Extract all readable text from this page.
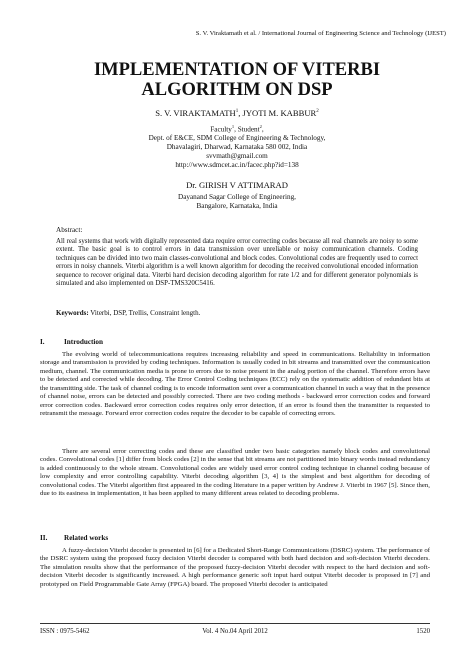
S. V. Viraktamath et al. / International Journal of Engineering Science and Technology (IJEST)
IMPLEMENTATION OF VITERBI
ALGORITHM ON DSP
S. V. VIRAKTAMATH$^1$, JYOTI M. KABBUR$^2$
Faculty$^1$, Student$^2$,
Dept. of E&CE, SDM College of Engineering & Technology,
Dhavalagiri, Dharwad, Karnataka 580 002, India
svvmath@gmail.com
http://www.sdmcet.ac.in/facec.php?id=138
Dr. GIRISH V ATTIMARAD
Dayanand Sagar College of Engineering,
Bangalore, Karnataka, India
Abstract:
All real systems that work with digitally represented data require error correcting codes because all real channels are noisy to some extent. The basic goal is to control errors in data transmission over unreliable or noisy communication channels. Coding techniques can be divided into two main classes-convolutional and block codes. Convolutional codes are frequently used to correct errors in noisy channels. Viterbi algorithm is a well known algorithm for decoding the received convolutional encoded information sequence to recover original data. Viterbi hard decision decoding algorithm for rate 1/2 and for different generator polynomials is simulated and also implemented on DSP-TMS320C5416.
Keywords: Viterbi, DSP, Trellis, Constraint length.
I.	Introduction
The evolving world of telecommunications requires increasing reliability and speed in communications. Reliability in information storage and transmission is provided by coding techniques. Information is usually coded in bit streams and transmitted over the communication medium, channel. The communication media is prone to errors due to noise present in the analog portion of the channel. Therefore errors have to be detected and corrected while decoding. The Error Control Coding techniques (ECC) rely on the systematic addition of redundant bits at the transmitting side. The task of channel coding is to encode information sent over a communication channel in such a way that in the presence of channel noise, errors can be detected and possibly corrected. There are two coding methods - backward error correction codes and forward error correction codes. Backward error correction codes requires only error detection, if an error is found then the transmitter is requested to retransmit the message. Forward error correction codes require the decoder to be capable of correcting errors.
There are several error correcting codes and these are classified under two basic categories namely block codes and convolutional codes. Convolutional codes [1] differ from block codes [2] in the sense that bit streams are not partitioned into binary words instead redundancy is added continuously to the whole stream. Convolutional codes are widely used error control coding technique in channel coding because of low complexity and error controlling capability. Viterbi decoding algorithm [3, 4] is the simplest and best algorithm for decoding of convolutional codes. The Viterbi algorithm first appeared in the coding literature in a paper written by Andrew J. Viterbi in 1967 [5]. Since then, due to its easiness in implementation, it has been applied to many different areas related to decoding problems.
II. Related works
A fuzzy-decision Viterbi decoder is presented in [6] for a Dedicated Short-Range Communications (DSRC) system. The performance of the DSRC system using the proposed fuzzy decision Viterbi decoder is compared with both hard decision and soft-decision Viterbi decoders. The simulation results show that the performance of the proposed fuzzy-decision Viterbi decoder with respect to the hard decision and soft-decision Viterbi decoder is significantly increased. A high performance generic soft input hard output Viterbi decoder is proposed in [7] and prototyped on Field Programmable Gate Array (FPGA) board. The proposed Viterbi decoder is anticipated
Vol. 4 No.04 April 2012
ISSN : 0975-5462	1520
